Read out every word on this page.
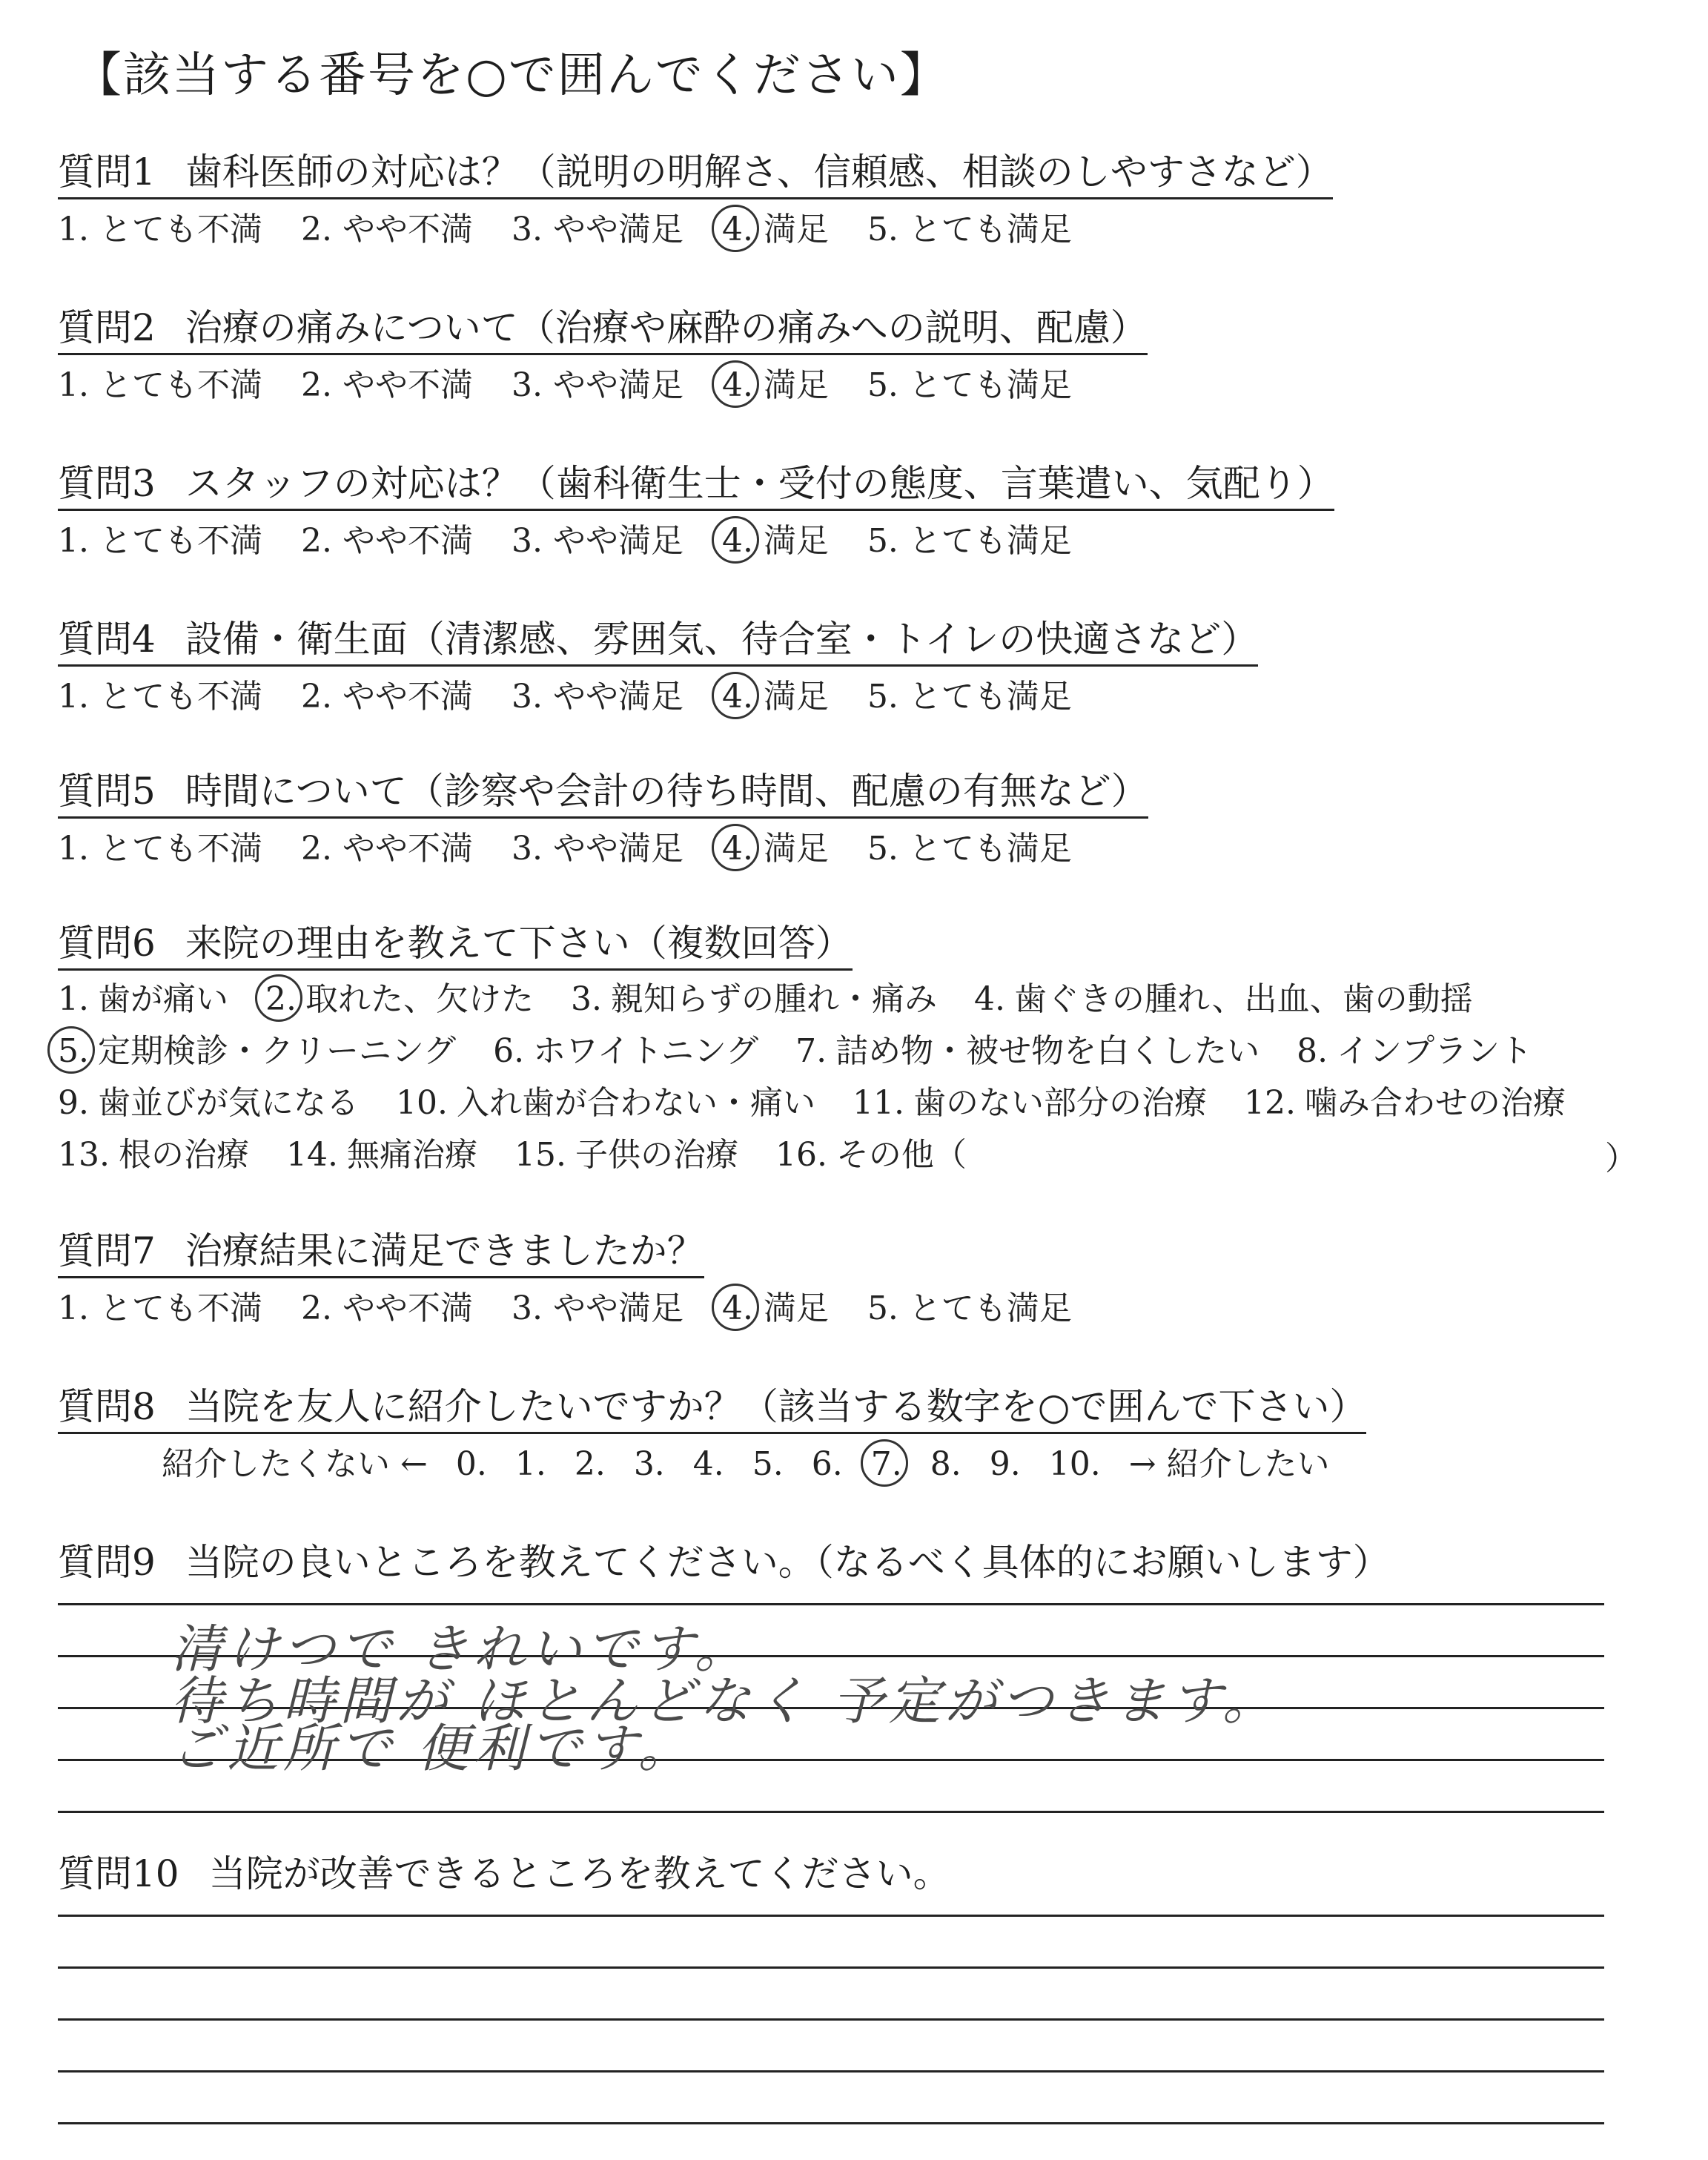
【該当する番号を○で囲んでください】
質問1 歯科医師の対応は？（説明の明解さ、信頼感、相談のしやすさなど）
1. とても不満 2. やや不満 3. やや満足 4. 満足 5. とても満足
質問2 治療の痛みについて（治療や麻酔の痛みへの説明、配慮）
1. とても不満 2. やや不満 3. やや満足 4. 満足 5. とても満足
質問3 スタッフの対応は？（歯科衛生士・受付の態度、言葉遣い、気配り）
1. とても不満 2. やや不満 3. やや満足 4. 満足 5. とても満足
質問4 設備・衛生面（清潔感、雰囲気、待合室・トイレの快適さなど）
1. とても不満 2. やや不満 3. やや満足 4. 満足 5. とても満足
質問5 時間について（診察や会計の待ち時間、配慮の有無など）
1. とても不満 2. やや不満 3. やや満足 4. 満足 5. とても満足
質問6 来院の理由を教えて下さい（複数回答）
1. 歯が痛い 2. 取れた、欠けた 3. 親知らずの腫れ・痛み 4. 歯ぐきの腫れ、出血、歯の動揺
5. 定期検診・クリーニング 6. ホワイトニング 7. 詰め物・被せ物を白くしたい 8. インプラント
9. 歯並びが気になる 10. 入れ歯が合わない・痛い 11. 歯のない部分の治療 12. 噛み合わせの治療
13. 根の治療 14. 無痛治療 15. 子供の治療 16. その他（	）
質問7 治療結果に満足できましたか？
1. とても不満 2. やや不満 3. やや満足 4. 満足 5. とても満足
質問8 当院を友人に紹介したいですか？（該当する数字を○で囲んで下さい）
紹介したくない ← 0. 1. 2. 3. 4. 5. 6. 7. 8. 9. 10. → 紹介したい
質問9 当院の良いところを教えてください。（なるべく具体的にお願いします）
清けつで きれいです。
待ち時間が ほとんどなく 予定がつきます。
ご近所で 便利です。
質問10 当院が改善できるところを教えてください。
